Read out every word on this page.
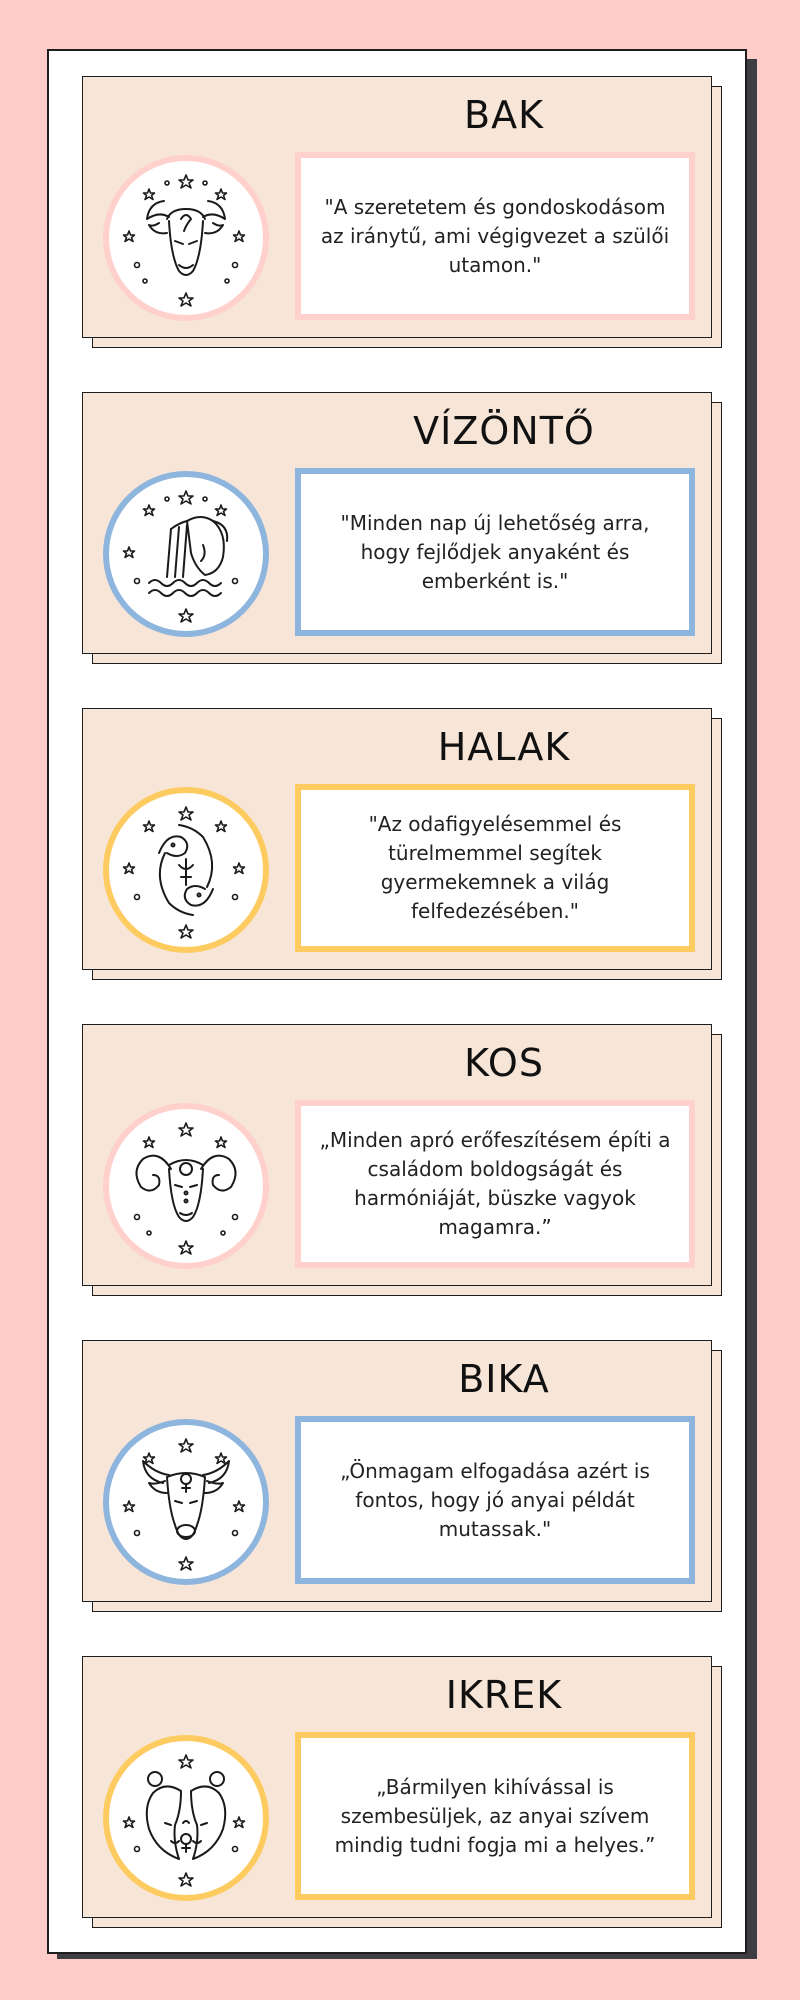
BAK
"A szeretetem és gondoskodásom az iránytű, ami végigvezet a szülői utamon."
VÍZÖNTŐ
"Minden nap új lehetőség arra, hogy fejlődjek anyaként és emberként is."
HALAK
"Az odafigyelésemmel és türelmemmel segítek gyermekemnek a világ felfedezésében."
KOS
„Minden apró erőfeszítésem építi a családom boldogságát és harmóniáját, büszke vagyok magamra.”
BIKA
„Önmagam elfogadása azért is fontos, hogy jó anyai példát mutassak."
IKREK
„Bármilyen kihívással is szembesüljek, az anyai szívem mindig tudni fogja mi a helyes.”
